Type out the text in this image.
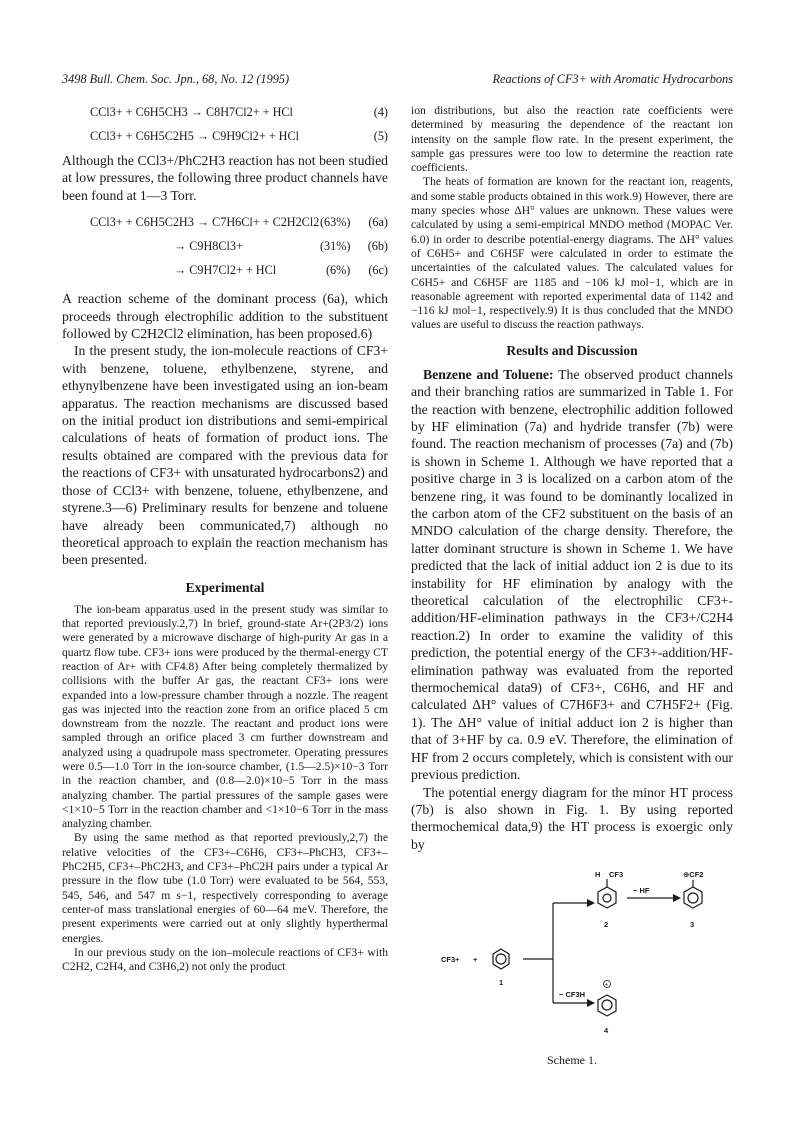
3498 Bull. Chem. Soc. Jpn., 68, No. 12 (1995)	Reactions of CF3+ with Aromatic Hydrocarbons
CCl3+ + C6H5CH3 → C8H7Cl2+ + HCl	(4)
CCl3+ + C6H5C2H5 → C9H9Cl2+ + HCl	(5)

Although the CCl3+/PhC2H3 reaction has not been studied at low pressures, the following three product channels have been found at 1—3 Torr.

CCl3+ + C6H5C2H3 → C7H6Cl+ + C2H2Cl2 (63%) (6a)
→ C9H8Cl3+	(31%) (6b)
→ C9H7Cl2+ + HCl	(6%) (6c)

A reaction scheme of the dominant process (6a), which proceeds through electrophilic addition to the substituent followed by C2H2Cl2 elimination, has been proposed.6)

In the present study, the ion-molecule reactions of CF3+ with benzene, toluene, ethylbenzene, styrene, and ethynylbenzene have been investigated using an ion-beam apparatus. The reaction mechanisms are discussed based on the initial product ion distributions and semi-empirical calculations of heats of formation of product ions. The results obtained are compared with the previous data for the reactions of CF3+ with unsaturated hydrocarbons2) and those of CCl3+ with benzene, toluene, ethylbenzene, and styrene.3—6) Preliminary results for benzene and toluene have already been communicated,7) although no theoretical approach to explain the reaction mechanism has been presented.

Experimental

The ion-beam apparatus used in the present study was similar to that reported previously.2,7) In brief, ground-state Ar+(2P3/2) ions were generated by a microwave discharge of high-purity Ar gas in a quartz flow tube. CF3+ ions were produced by the thermal-energy CT reaction of Ar+ with CF4.8) After being completely thermalized by collisions with the buffer Ar gas, the reactant CF3+ ions were expanded into a low-pressure chamber through a nozzle. The reagent gas was injected into the reaction zone from an orifice placed 5 cm downstream from the nozzle. The reactant and product ions were sampled through an orifice placed 3 cm further downstream and analyzed using a quadrupole mass spectrometer. Operating pressures were 0.5—1.0 Torr in the ion-source chamber, (1.5—2.5)×10−3 Torr in the reaction chamber, and (0.8—2.0)×10−5 Torr in the mass analyzing chamber. The partial pressures of the sample gases were <1×10−5 Torr in the reaction chamber and <1×10−6 Torr in the mass analyzing chamber.

By using the same method as that reported previously,2,7) the relative velocities of the CF3+–C6H6, CF3+–PhCH3, CF3+–PhC2H5, CF3+–PhC2H3, and CF3+–PhC2H pairs under a typical Ar pressure in the flow tube (1.0 Torr) were evaluated to be 564, 553, 545, 546, and 547 m s−1, respectively corresponding to average center-of mass translational energies of 60—64 meV. Therefore, the present experiments were carried out at only slightly hyperthermal energies.

In our previous study on the ion–molecule reactions of CF3+ with C2H2, C2H4, and C3H6,2) not only the product

ion distributions, but also the reaction rate coefficients were determined by measuring the dependence of the reactant ion intensity on the sample flow rate. In the present experiment, the sample gas pressures were too low to determine the reaction rate coefficients.

The heats of formation are known for the reactant ion, reagents, and some stable products obtained in this work.9) However, there are many species whose ΔH° values are unknown. These values were calculated by using a semi-empirical MNDO method (MOPAC Ver. 6.0) in order to describe potential-energy diagrams. The ΔH° values of C6H5+ and C6H5F were calculated in order to estimate the uncertainties of the calculated values. The calculated values for C6H5+ and C6H5F are 1185 and −106 kJ mol−1, which are in reasonable agreement with reported experimental data of 1142 and −116 kJ mol−1, respectively.9) It is thus concluded that the MNDO values are useful to discuss the reaction pathways.

Results and Discussion

Benzene and Toluene: The observed product channels and their branching ratios are summarized in Table 1. For the reaction with benzene, electrophilic addition followed by HF elimination (7a) and hydride transfer (7b) were found. The reaction mechanism of processes (7a) and (7b) is shown in Scheme 1. Although we have reported that a positive charge in 3 is localized on a carbon atom of the benzene ring, it was found to be dominantly localized in the carbon atom of the CF2 substituent on the basis of an MNDO calculation of the charge density. Therefore, the latter dominant structure is shown in Scheme 1. We have predicted that the lack of initial adduct ion 2 is due to its instability for HF elimination by analogy with the theoretical calculation of the electrophilic CF3+-addition/HF-elimination pathways in the CF3+/C2H4 reaction.2) In order to examine the validity of this prediction, the potential energy of the CF3+-addition/HF-elimination pathway was evaluated from the reported thermochemical data9) of CF3+, C6H6, and HF and calculated ΔH° values of C7H6F3+ and C7H5F2+ (Fig. 1). The ΔH° value of initial adduct ion 2 is higher than that of 3+HF by ca. 0.9 eV. Therefore, the elimination of HF from 2 occurs completely, which is consistent with our previous prediction.

The potential energy diagram for the minor HT process (7b) is also shown in Fig. 1. By using reported thermochemical data,9) the HT process is exoergic only by

CF3+ +
1
H CF3
2
− HF
⊕CF2
3
− CF3H
4
+
Scheme 1.
